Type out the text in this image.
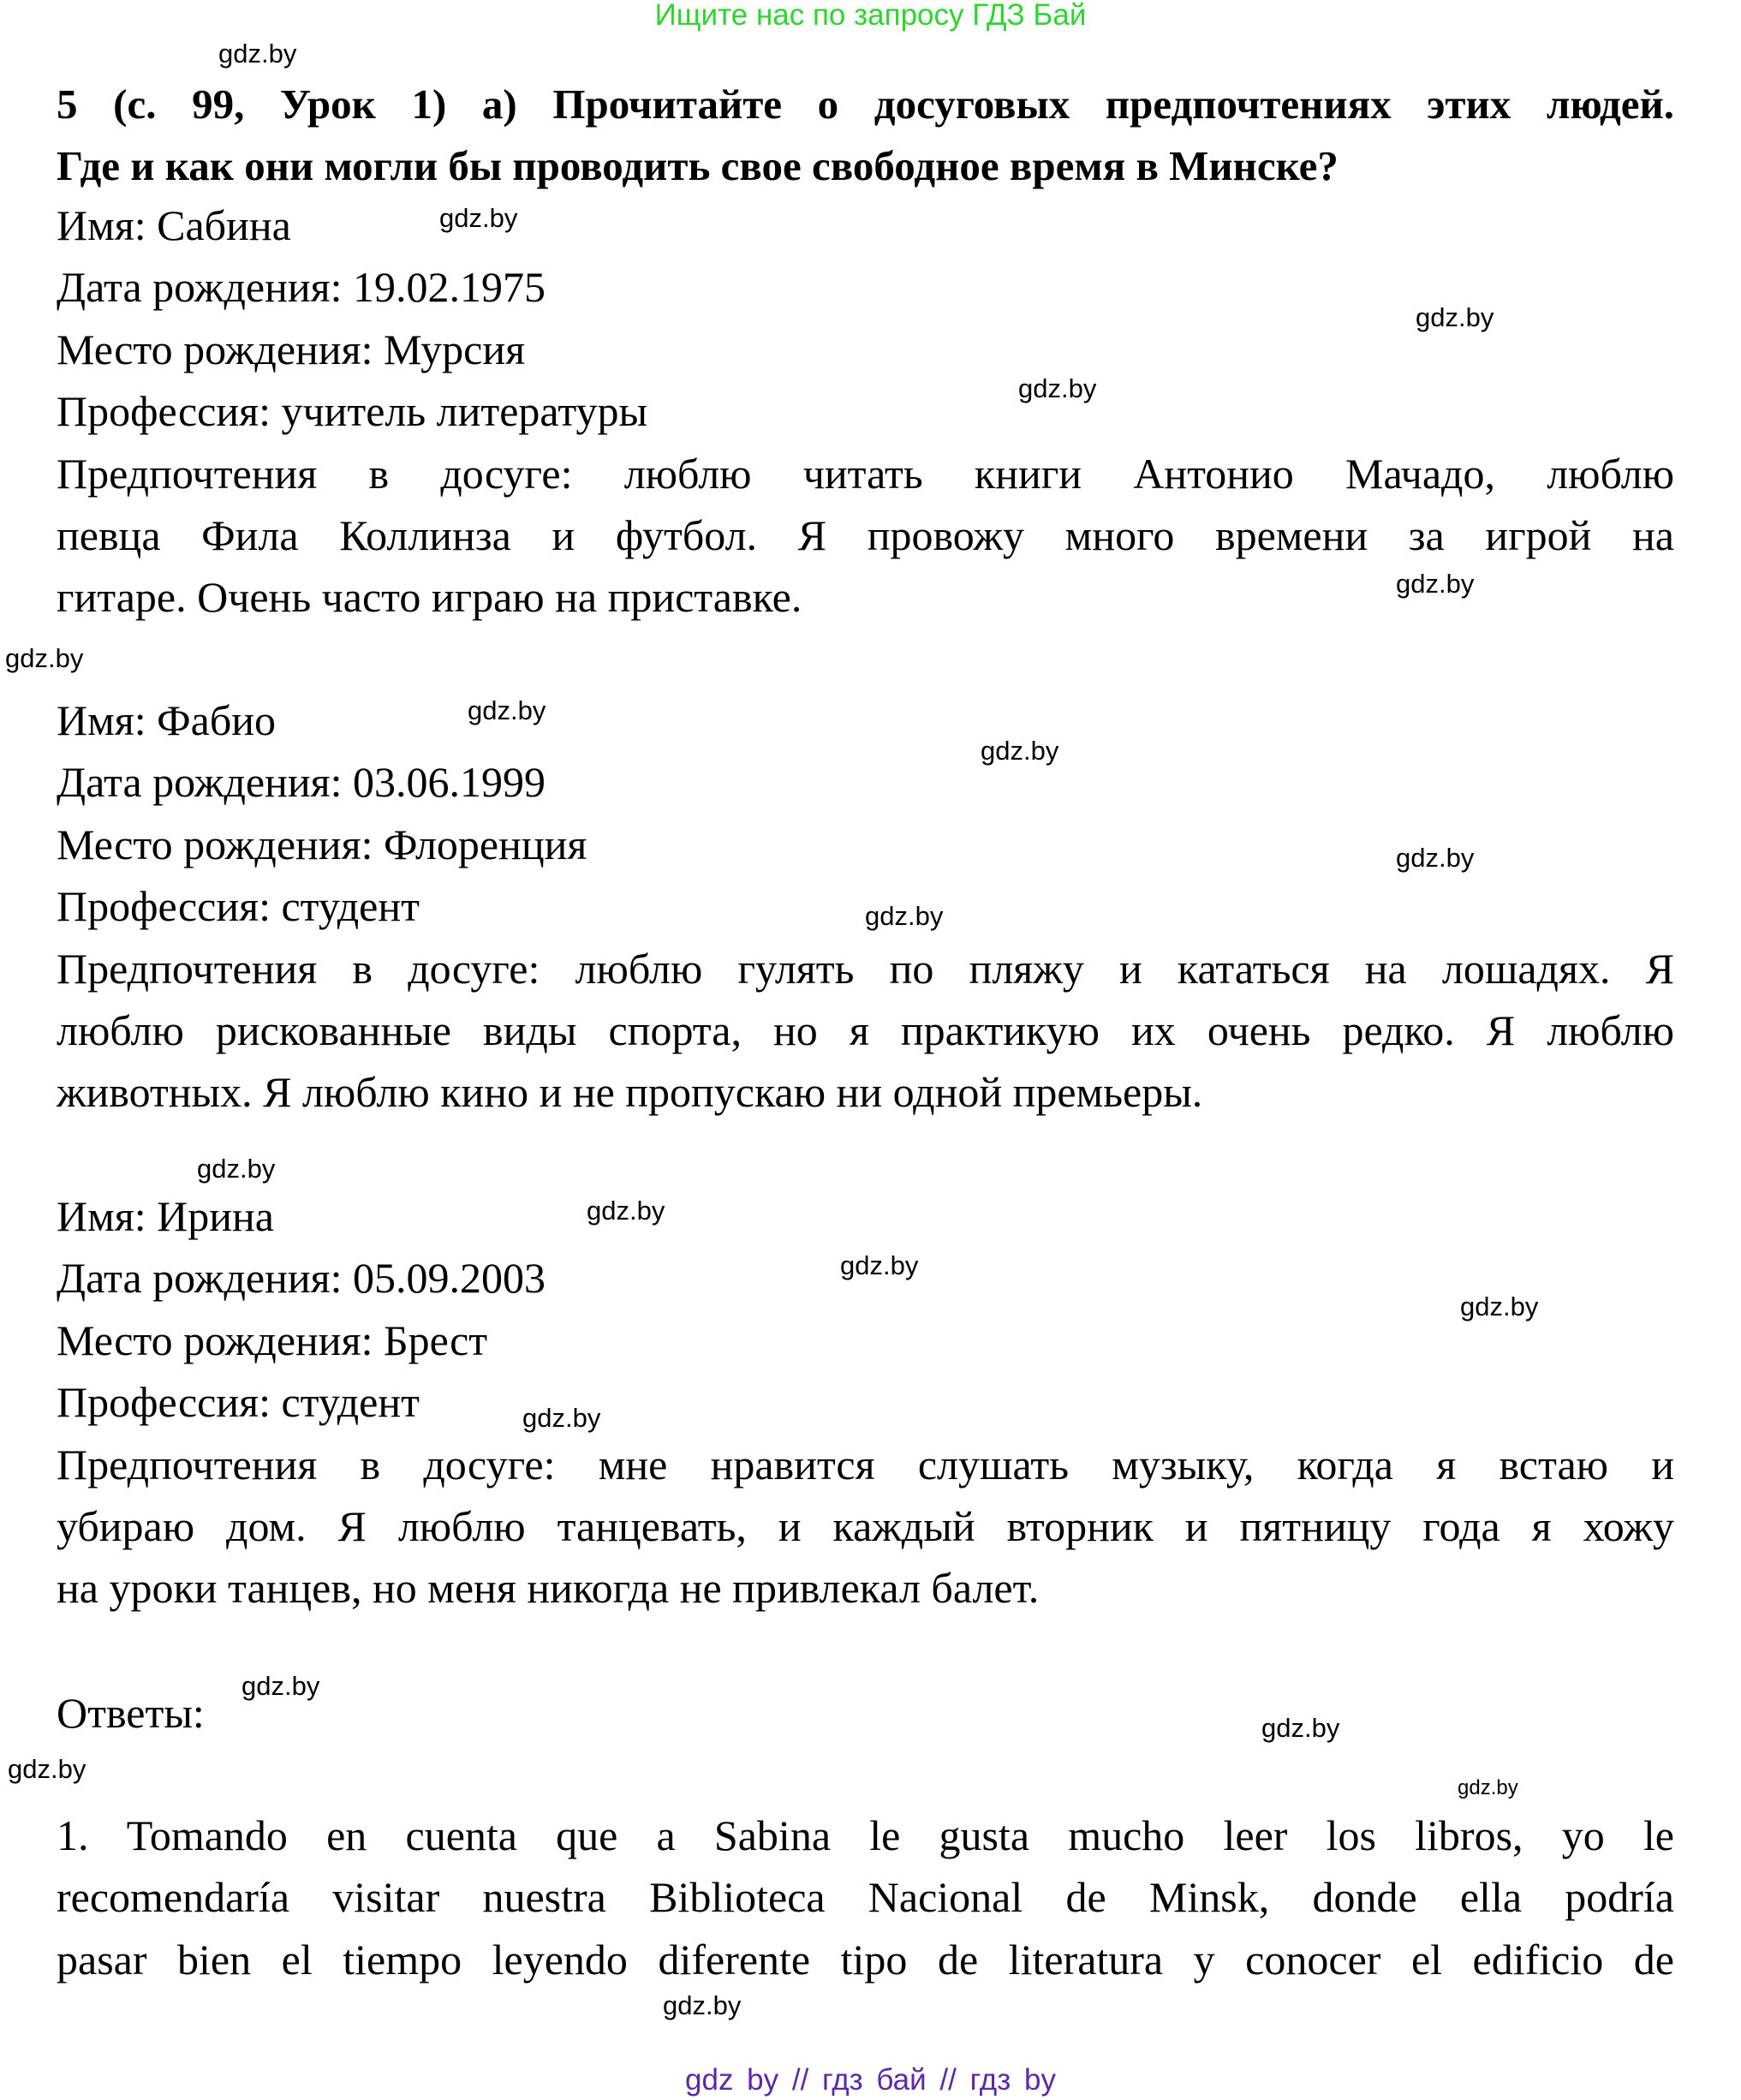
Ищите нас по запросу ГДЗ Бай
5 (с. 99, Урок 1) а) Прочитайте о досуговых предпочтениях этих людей.
Где и как они могли бы проводить свое свободное время в Минске?
Имя: Сабина
Дата рождения: 19.02.1975
Место рождения: Мурсия
Профессия: учитель литературы
Предпочтения в досуге: люблю читать книги Антонио Мачадо, люблю
певца Фила Коллинза и футбол. Я провожу много времени за игрой на
гитаре. Очень часто играю на приставке.
Имя: Фабио
Дата рождения: 03.06.1999
Место рождения: Флоренция
Профессия: студент
Предпочтения в досуге: люблю гулять по пляжу и кататься на лошадях. Я
люблю рискованные виды спорта, но я практикую их очень редко. Я люблю
животных. Я люблю кино и не пропускаю ни одной премьеры.
Имя: Ирина
Дата рождения: 05.09.2003
Место рождения: Брест
Профессия: студент
Предпочтения в досуге: мне нравится слушать музыку, когда я встаю и
убираю дом. Я люблю танцевать, и каждый вторник и пятницу года я хожу
на уроки танцев, но меня никогда не привлекал балет.
Ответы:
1. Tomando en cuenta que a Sabina le gusta mucho leer los libros, yo le
recomendaría visitar nuestra Biblioteca Nacional de Minsk, donde ella podría
pasar bien el tiempo leyendo diferente tipo de literatura y conocer el edificio de
gdz.by
gdz.by
gdz.by
gdz.by
gdz.by
gdz.by
gdz.by
gdz.by
gdz.by
gdz.by
gdz.by
gdz.by
gdz.by
gdz.by
gdz.by
gdz.by
gdz.by
gdz.by
gdz.by
gdz.by
gdz by // гдз бай // гдз by
